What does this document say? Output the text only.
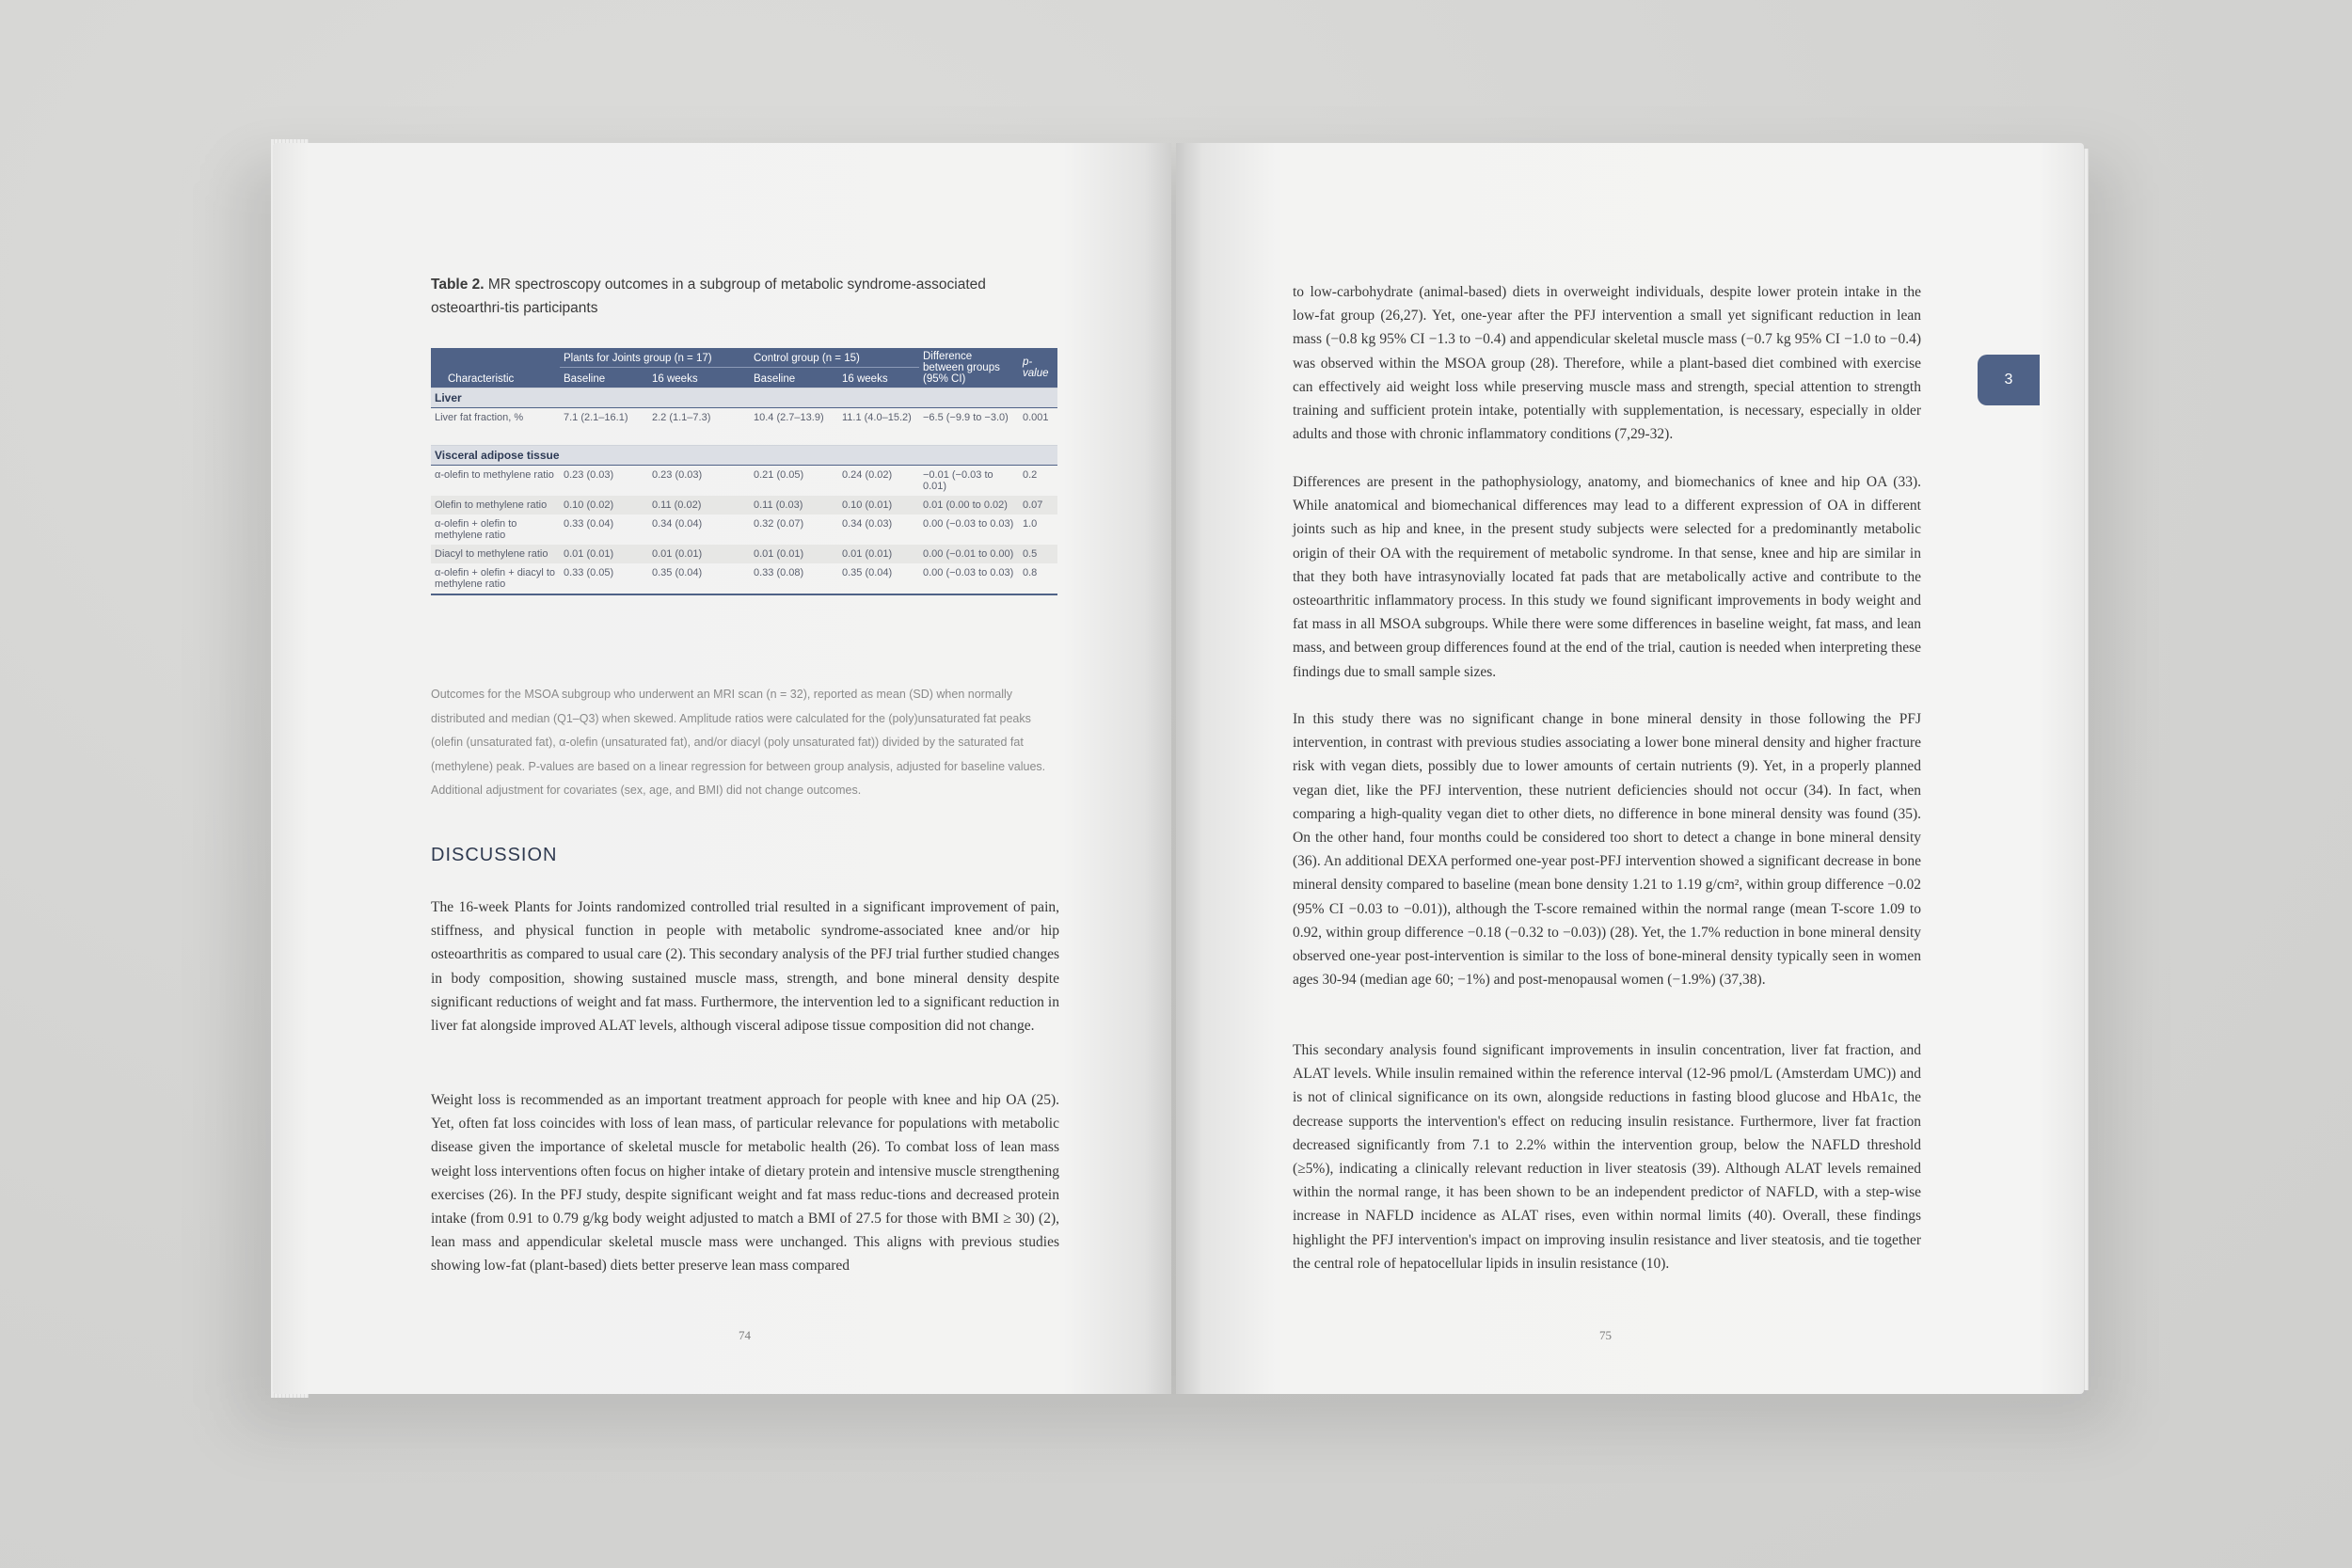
Table 2. MR spectroscopy outcomes in a subgroup of metabolic syndrome-associated osteoarthri-tis participants
	Plants for Joints group (n = 17)		Control group (n = 15)		Difference between groups (95% CI)	p-value
Characteristic	Baseline	16 weeks	Baseline	16 weeks		
Liver						
Liver fat fraction, %	7.1 (2.1–16.1)	2.2 (1.1–7.3)	10.4 (2.7–13.9)	11.1 (4.0–15.2)	−6.5 (−9.9 to −3.0)	0.001
Visceral adipose tissue						
α-olefin to methylene ratio	0.23 (0.03)	0.23 (0.03)	0.21 (0.05)	0.24 (0.02)	−0.01 (−0.03 to 0.01)	0.2
Olefin to methylene ratio	0.10 (0.02)	0.11 (0.02)	0.11 (0.03)	0.10 (0.01)	0.01 (0.00 to 0.02)	0.07
α-olefin + olefin to methylene ratio	0.33 (0.04)	0.34 (0.04)	0.32 (0.07)	0.34 (0.03)	0.00 (−0.03 to 0.03)	1.0
Diacyl to methylene ratio	0.01 (0.01)	0.01 (0.01)	0.01 (0.01)	0.01 (0.01)	0.00 (−0.01 to 0.00)	0.5
α-olefin + olefin + diacyl to methylene ratio	0.33 (0.05)	0.35 (0.04)	0.33 (0.08)	0.35 (0.04)	0.00 (−0.03 to 0.03)	0.8

Outcomes for the MSOA subgroup who underwent an MRI scan (n = 32), reported as mean (SD) when normally distributed and median (Q1–Q3) when skewed. Amplitude ratios were calculated for the (poly)unsaturated fat peaks (olefin (unsaturated fat), α-olefin (unsaturated fat), and/or diacyl (poly unsaturated fat)) divided by the saturated fat (methylene) peak. P-values are based on a linear regression for between group analysis, adjusted for baseline values. Additional adjustment for covariates (sex, age, and BMI) did not change outcomes.

DISCUSSION

The 16-week Plants for Joints randomized controlled trial resulted in a significant improvement of pain, stiffness, and physical function in people with metabolic syndrome-associated knee and/or hip osteoarthritis as compared to usual care (2). This secondary analysis of the PFJ trial further studied changes in body composition, showing sustained muscle mass, strength, and bone mineral density despite significant reductions of weight and fat mass. Furthermore, the intervention led to a significant reduction in liver fat alongside improved ALAT levels, although visceral adipose tissue composition did not change.

Weight loss is recommended as an important treatment approach for people with knee and hip OA (25). Yet, often fat loss coincides with loss of lean mass, of particular relevance for populations with metabolic disease given the importance of skeletal muscle for metabolic health (26). To combat loss of lean mass weight loss interventions often focus on higher intake of dietary protein and intensive muscle strengthening exercises (26). In the PFJ study, despite significant weight and fat mass reduc-tions and decreased protein intake (from 0.91 to 0.79 g/kg body weight adjusted to match a BMI of 27.5 for those with BMI ≥ 30) (2), lean mass and appendicular skeletal muscle mass were unchanged. This aligns with previous studies showing low-fat (plant-based) diets better preserve lean mass compared

74

to low-carbohydrate (animal-based) diets in overweight individuals, despite lower protein intake in the low-fat group (26,27). Yet, one-year after the PFJ intervention a small yet significant reduction in lean mass (−0.8 kg 95% CI −1.3 to −0.4) and appendicular skeletal muscle mass (−0.7 kg 95% CI −1.0 to −0.4) was observed within the MSOA group (28). Therefore, while a plant-based diet combined with exercise can effectively aid weight loss while preserving muscle mass and strength, special attention to strength training and sufficient protein intake, potentially with supplementation, is necessary, especially in older adults and those with chronic inflammatory conditions (7,29-32).

Differences are present in the pathophysiology, anatomy, and biomechanics of knee and hip OA (33). While anatomical and biomechanical differences may lead to a different expression of OA in different joints such as hip and knee, in the present study subjects were selected for a predominantly metabolic origin of their OA with the requirement of metabolic syndrome. In that sense, knee and hip are similar in that they both have intrasynovially located fat pads that are metabolically active and contribute to the osteoarthritic inflammatory process. In this study we found significant improvements in body weight and fat mass in all MSOA subgroups. While there were some differences in baseline weight, fat mass, and lean mass, and between group differences found at the end of the trial, caution is needed when interpreting these findings due to small sample sizes.

In this study there was no significant change in bone mineral density in those following the PFJ intervention, in contrast with previous studies associating a lower bone mineral density and higher fracture risk with vegan diets, possibly due to lower amounts of certain nutrients (9). Yet, in a properly planned vegan diet, like the PFJ intervention, these nutrient deficiencies should not occur (34). In fact, when comparing a high-quality vegan diet to other diets, no difference in bone mineral density was found (35). On the other hand, four months could be considered too short to detect a change in bone mineral density (36). An additional DEXA performed one-year post-PFJ intervention showed a significant decrease in bone mineral density compared to baseline (mean bone density 1.21 to 1.19 g/cm², within group difference −0.02 (95% CI −0.03 to −0.01)), although the T-score remained within the normal range (mean T-score 1.09 to 0.92, within group difference −0.18 (−0.32 to −0.03)) (28). Yet, the 1.7% reduction in bone mineral density observed one-year post-intervention is similar to the loss of bone-mineral density typically seen in women ages 30-94 (median age 60; −1%) and post-menopausal women (−1.9%) (37,38).

This secondary analysis found significant improvements in insulin concentration, liver fat fraction, and ALAT levels. While insulin remained within the reference interval (12-96 pmol/L (Amsterdam UMC)) and is not of clinical significance on its own, alongside reductions in fasting blood glucose and HbA1c, the decrease supports the intervention's effect on reducing insulin resistance. Furthermore, liver fat fraction decreased significantly from 7.1 to 2.2% within the intervention group, below the NAFLD threshold (≥5%), indicating a clinically relevant reduction in liver steatosis (39). Although ALAT levels remained within the normal range, it has been shown to be an independent predictor of NAFLD, with a step-wise increase in NAFLD incidence as ALAT rises, even within normal limits (40). Overall, these findings highlight the PFJ intervention's impact on improving insulin resistance and liver steatosis, and tie together the central role of hepatocellular lipids in insulin resistance (10).

3
75
